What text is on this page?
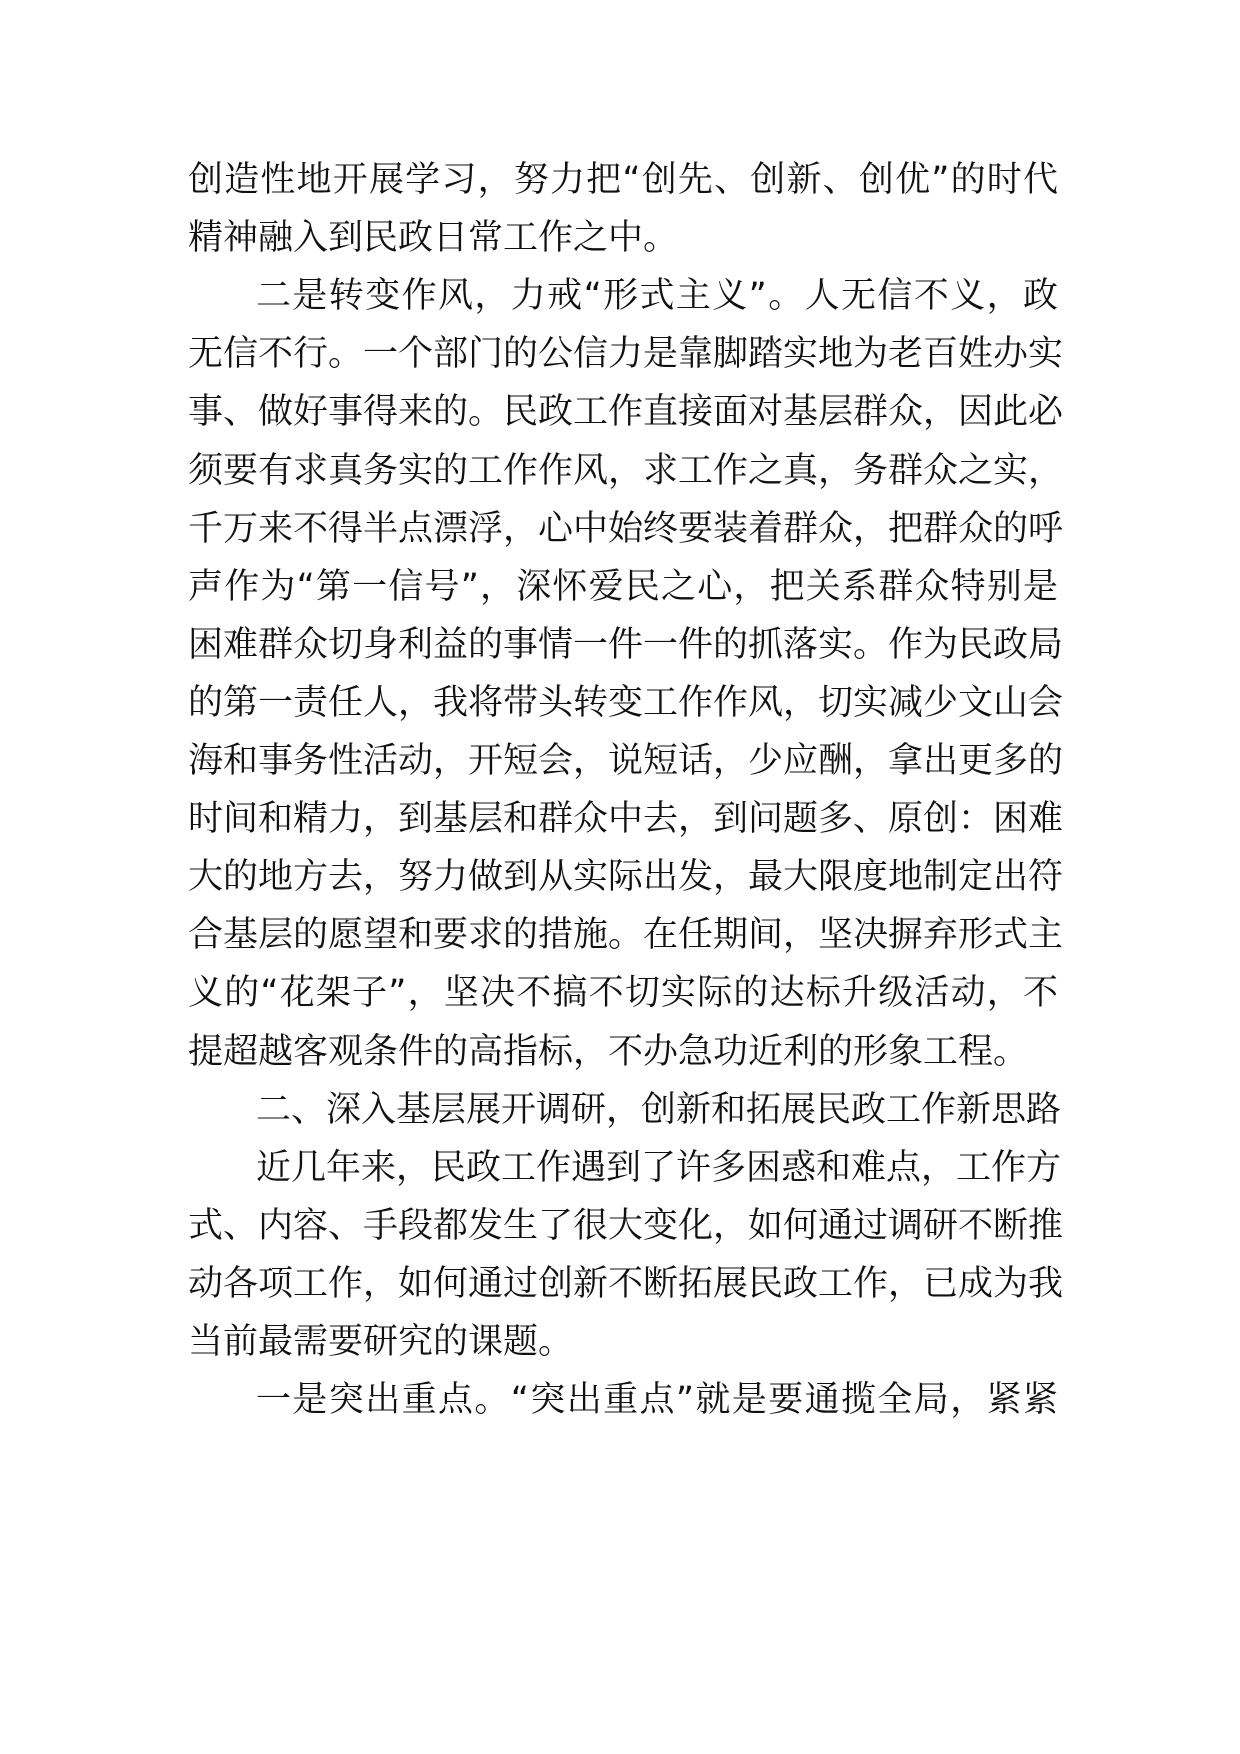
创造性地开展学习，努力把“创先、创新、创优”的时代
精神融入到民政日常工作之中。
二是转变作风，力戒“形式主义”。人无信不义，政
无信不行。一个部门的公信力是靠脚踏实地为老百姓办实
事、做好事得来的。民政工作直接面对基层群众，因此必
须要有求真务实的工作作风，求工作之真，务群众之实，
千万来不得半点漂浮，心中始终要装着群众，把群众的呼
声作为“第一信号”，深怀爱民之心，把关系群众特别是
困难群众切身利益的事情一件一件的抓落实。作为民政局
的第一责任人，我将带头转变工作作风，切实减少文山会
海和事务性活动，开短会，说短话，少应酬，拿出更多的
时间和精力，到基层和群众中去，到问题多、原创：困难
大的地方去，努力做到从实际出发，最大限度地制定出符
合基层的愿望和要求的措施。在任期间，坚决摒弃形式主
义的“花架子”，坚决不搞不切实际的达标升级活动，不
提超越客观条件的高指标，不办急功近利的形象工程。
二、深入基层展开调研，创新和拓展民政工作新思路
近几年来，民政工作遇到了许多困惑和难点，工作方
式、内容、手段都发生了很大变化，如何通过调研不断推
动各项工作，如何通过创新不断拓展民政工作，已成为我
当前最需要研究的课题。
一是突出重点。“突出重点”就是要通揽全局，紧紧
